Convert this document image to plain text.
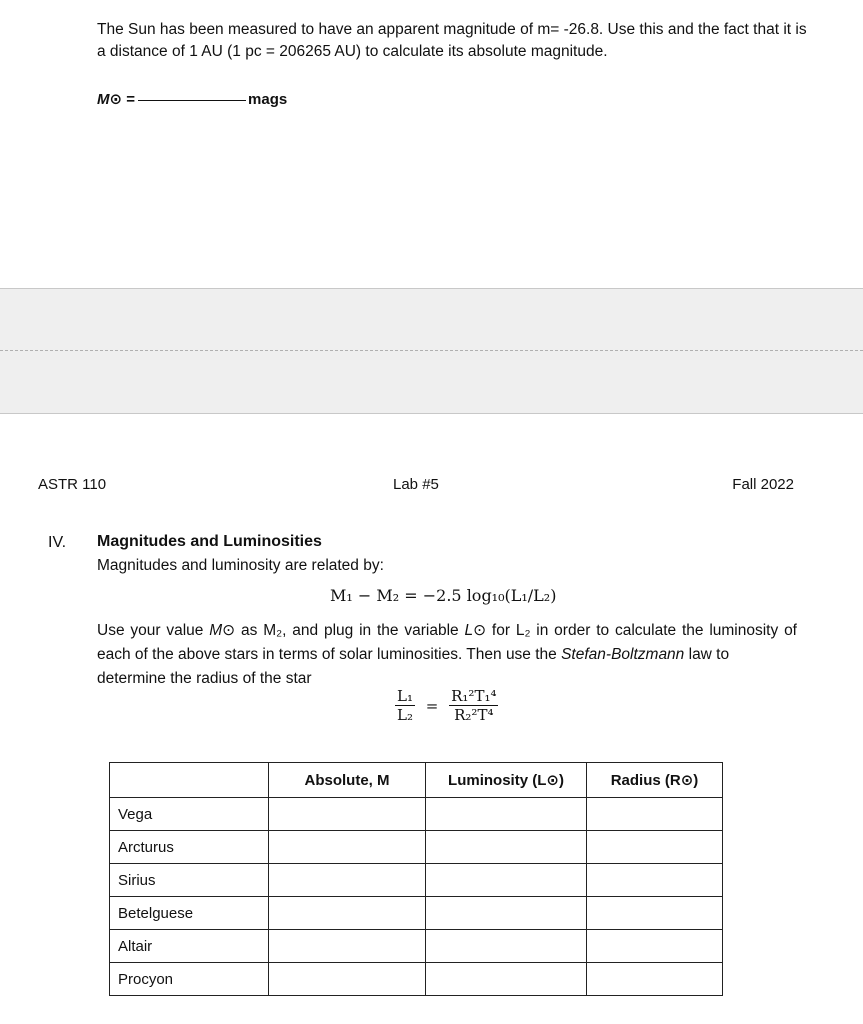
The Sun has been measured to have an apparent magnitude of m= -26.8. Use this and the fact that it is a distance of 1 AU (1 pc = 206265 AU) to calculate its absolute magnitude.
M⊙ =	mags
ASTR 110	Lab #5	Fall 2022
IV. Magnitudes and Luminosities
Magnitudes and luminosity are related by:
M₁ − M₂ = −2.5 log₁₀(L₁/L₂)
Use your value M⊙ as M₂, and plug in the variable L⊙ for L₂ in order to calculate the luminosity of each of the above stars in terms of solar luminosities. Then use the Stefan-Boltzmann law to
determine the radius of the star
$\frac{\text{L₁}}{\text{L₂}} = \frac{\text{R₁²T₁⁴}}{\text{R₂²T⁴}}$
	Absolute, M	Luminosity (L⊙)	Radius (R⊙)
Vega			
Arcturus			
Sirius			
Betelguese			
Altair			
Procyon			
